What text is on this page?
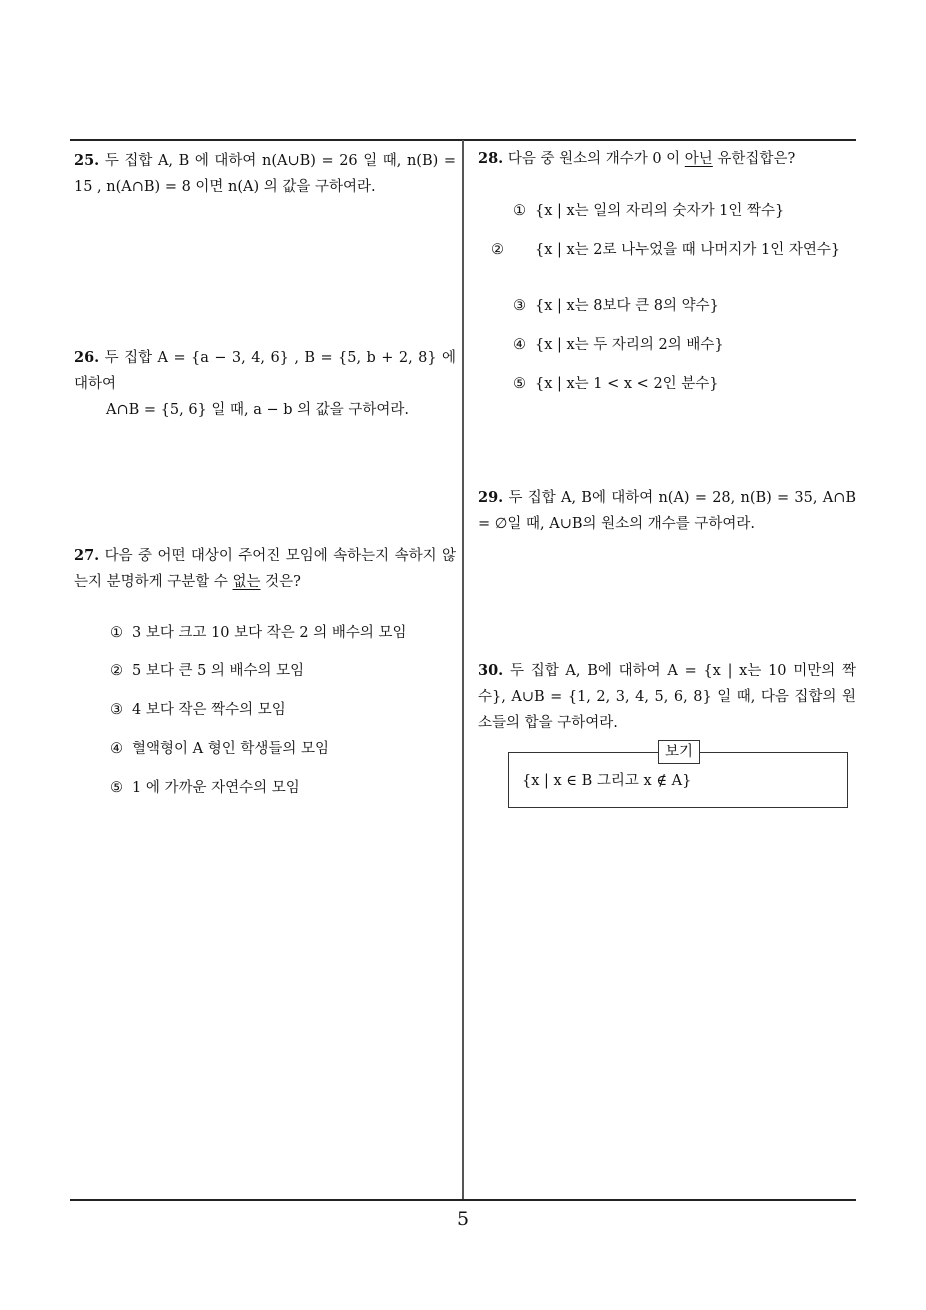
25. 두 집합 A, B 에 대하여 n(A∪B) = 26 일 때, n(B) = 15 , n(A∩B) = 8 이면 n(A) 의 값을 구하여라.
26. 두 집합 A = {a − 3, 4, 6} , B = {5, b + 2, 8} 에 대하여
A∩B = {5, 6} 일 때, a − b 의 값을 구하여라.
27. 다음 중 어떤 대상이 주어진 모임에 속하는지 속하지 않는지 분명하게 구분할 수 없는 것은?
① 3 보다 크고 10 보다 작은 2 의 배수의 모임
② 5 보다 큰 5 의 배수의 모임
③ 4 보다 작은 짝수의 모임
④ 혈액형이 A 형인 학생들의 모임
⑤ 1 에 가까운 자연수의 모임
28. 다음 중 원소의 개수가 0 이 아닌 유한집합은?
① {x | x는 일의 자리의 숫자가 1인 짝수}
② {x | x는 2로 나누었을 때 나머지가 1인 자연수}
③ {x | x는 8보다 큰 8의 약수}
④ {x | x는 두 자리의 2의 배수}
⑤ {x | x는 1 < x < 2인 분수}
29. 두 집합 A, B에 대하여 n(A) = 28, n(B) = 35, A∩B = ∅일 때, A∪B의 원소의 개수를 구하여라.
30. 두 집합 A, B에 대하여 A = {x | x는 10 미만의 짝수}, A∪B = {1, 2, 3, 4, 5, 6, 8} 일 때, 다음 집합의 원소들의 합을 구하여라.
보기
{x | x ∈ B 그리고 x ∉ A}
5
